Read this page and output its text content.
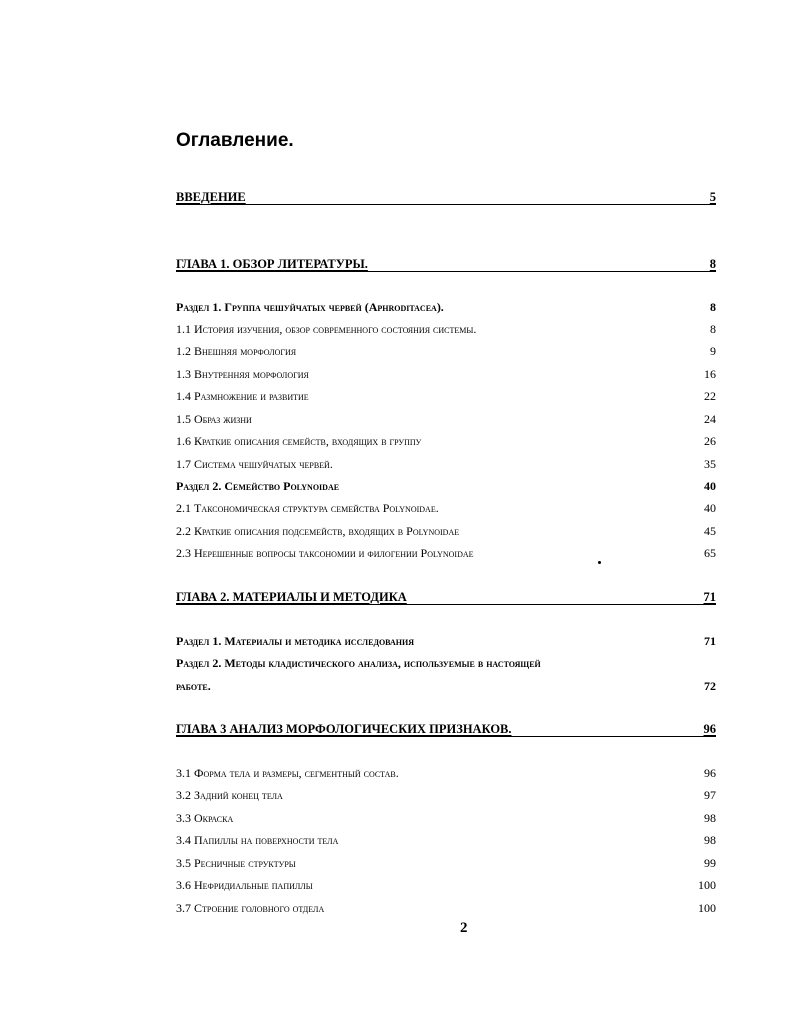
Оглавление.
ВВЕДЕНИЕ	5
ГЛАВА 1. ОБЗОР ЛИТЕРАТУРЫ.	8
Раздел 1. Группа чешуйчатых червей (Aphroditacea).	8
1.1 История изучения, обзор современного состояния системы.	8
1.2 Внешняя морфология	9
1.3 Внутренняя морфология	16
1.4 Размножение и развитие	22
1.5 Образ жизни	24
1.6 Краткие описания семейств, входящих в группу	26
1.7 Система чешуйчатых червей.	35
Раздел 2. Семейство Polynoidae	40
2.1 Таксономическая структура семейства Polynoidae.	40
2.2 Краткие описания подсемейств, входящих в Polynoidae	45
2.3 Нерешенные вопросы таксономии и филогении Polynoidae	65
ГЛАВА 2. МАТЕРИАЛЫ И МЕТОДИКА	71
Раздел 1. Материалы и методика исследования	71
Раздел 2. Методы кладистического анализа, используемые в настоящей
работе.	72
ГЛАВА 3 АНАЛИЗ МОРФОЛОГИЧЕСКИХ ПРИЗНАКОВ.	96
3.1 Форма тела и размеры, сегментный состав.	96
3.2 Задний конец тела	97
3.3 Окраска	98
3.4 Папиллы на поверхности тела	98
3.5 Ресничные структуры	99
3.6 Нефридиальные папиллы	100
3.7 Строение головного отдела	100
2
